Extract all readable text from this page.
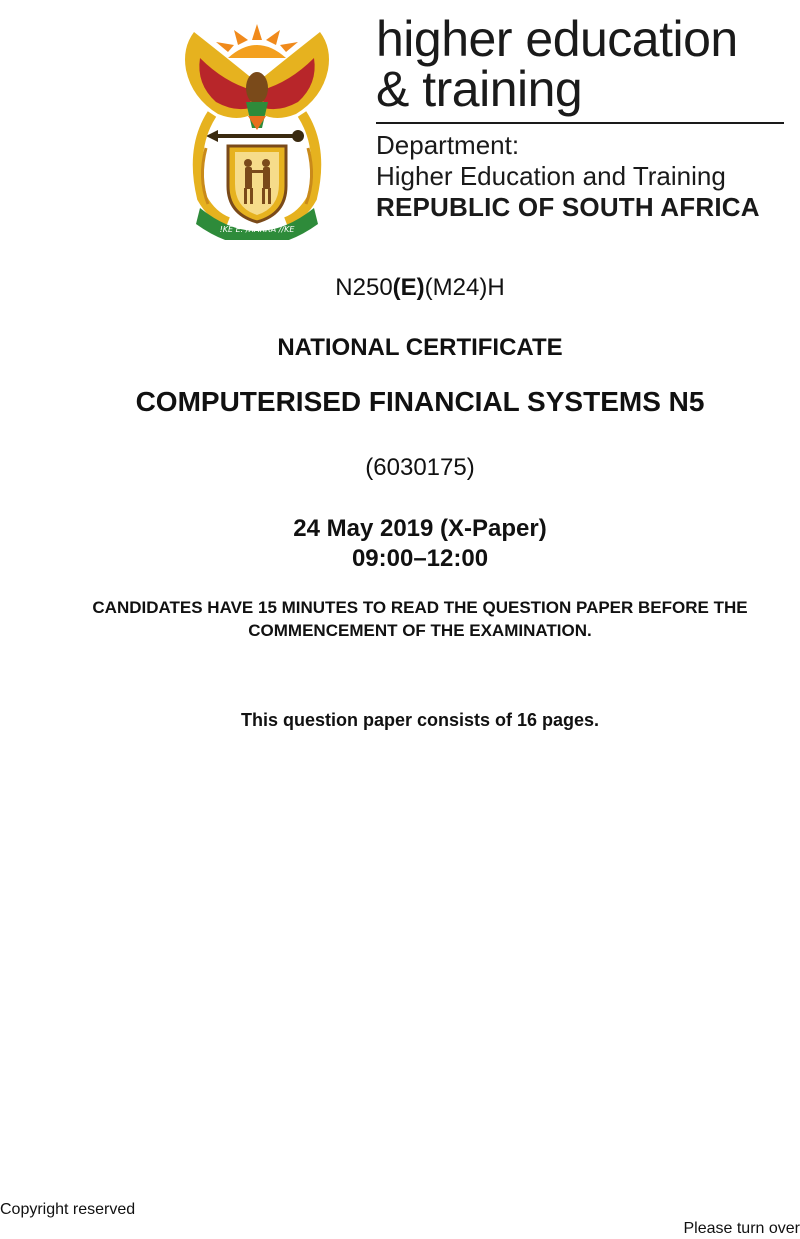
!KE E: /XARRA //KE
higher education
& training
Department:
Higher Education and Training
REPUBLIC OF SOUTH AFRICA
N250(E)(M24)H
NATIONAL CERTIFICATE
COMPUTERISED FINANCIAL SYSTEMS N5
(6030175)
24 May 2019 (X-Paper)
09:00–12:00
CANDIDATES HAVE 15 MINUTES TO READ THE QUESTION PAPER BEFORE THE
COMMENCEMENT OF THE EXAMINATION.
This question paper consists of 16 pages.
Copyright reserved
Please turn over
